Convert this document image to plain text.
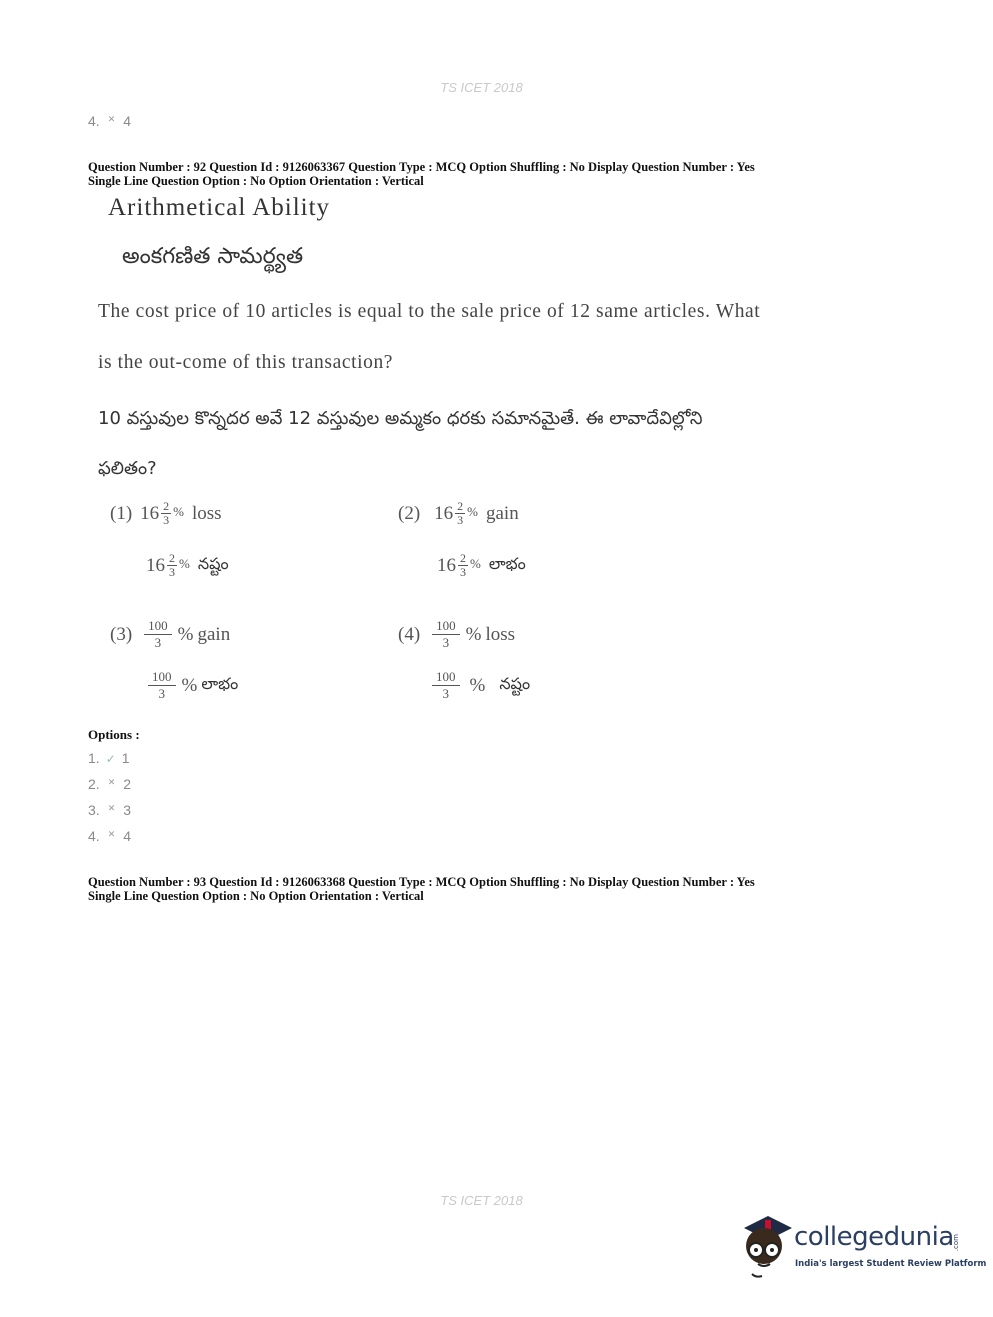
TS ICET 2018
4. ✕ 4
Question Number : 92 Question Id : 9126063367 Question Type : MCQ Option Shuffling : No Display Question Number : Yes
Single Line Question Option : No Option Orientation : Vertical
Arithmetical Ability
అంకగణిత సామర్థ్యత
The cost price of 10 articles is equal to the sale price of 12 same articles. What
is the out-come of this transaction?
10 వస్తువుల కొన్నదర అవే 12 వస్తువుల అమ్మకం ధరకు సమానమైతే. ఈ లావాదేవిల్లోని
ఫలితం?
(1) $16 \frac{2}{3}$ % loss
$16 \frac{2}{3}$ % నష్టం
(2) $16 \frac{2}{3}$ % gain
$16 \frac{2}{3}$ % లాభం
$(3) \frac{100}{3}$ % gain
$\frac{100}{3}$ % లాభం
$(4) \frac{100}{3}$ % loss
$\frac{100}{3}$ % నష్టం
Options :
1. ✓ 1
2. ✕ 2
3. ✕ 3
4. ✕ 4
Question Number : 93 Question Id : 9126063368 Question Type : MCQ Option Shuffling : No Display Question Number : Yes
Single Line Question Option : No Option Orientation : Vertical
TS ICET 2018
collegedunia
.com
India's largest Student Review Platform
